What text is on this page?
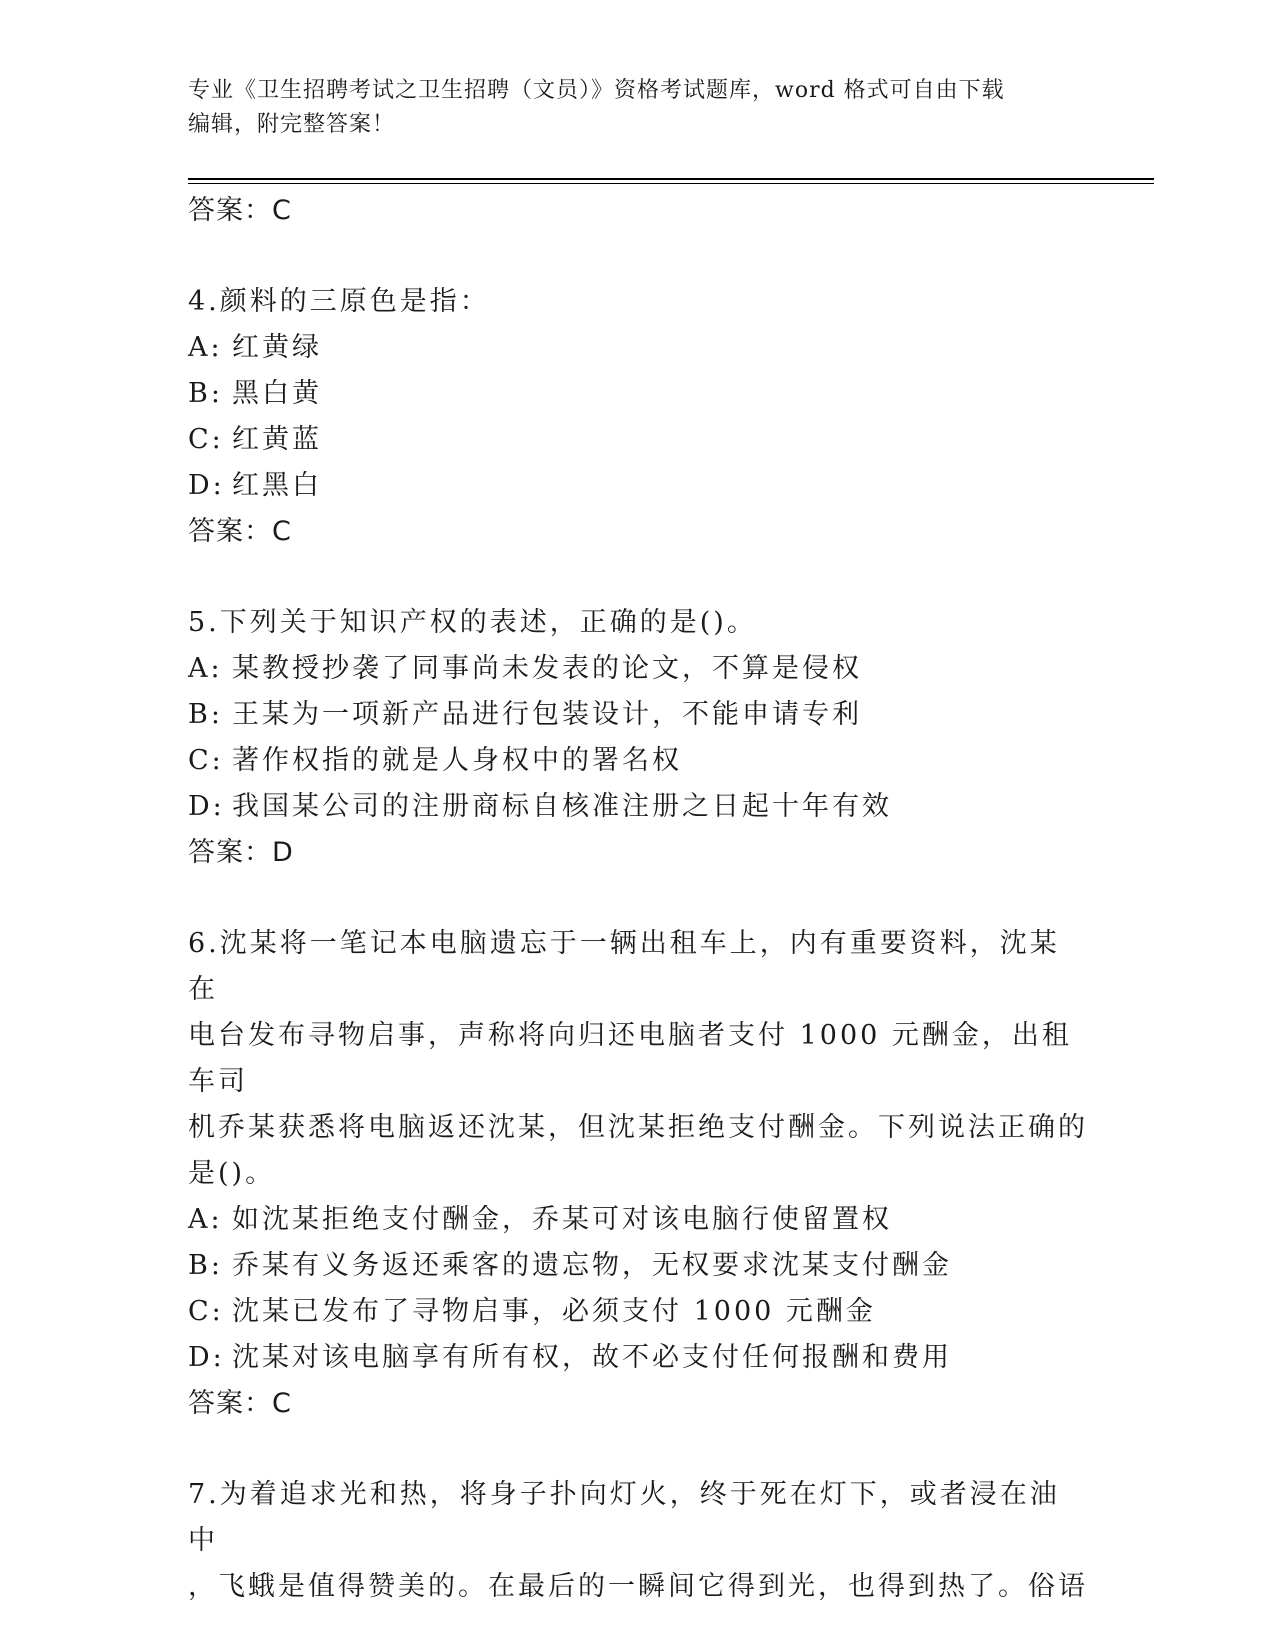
专业《卫生招聘考试之卫生招聘（文员）》资格考试题库，word 格式可自由下载
编辑，附完整答案！
答案：C

4.颜料的三原色是指：

A: 红黄绿
B: 黑白黄
C: 红黄蓝
D: 红黑白
答案：C

5.下列关于知识产权的表述，正确的是()。

A: 某教授抄袭了同事尚未发表的论文，不算是侵权
B: 王某为一项新产品进行包装设计，不能申请专利
C: 著作权指的就是人身权中的署名权
D: 我国某公司的注册商标自核准注册之日起十年有效
答案：D
6.沈某将一笔记本电脑遗忘于一辆出租车上，内有重要资料，沈某在
电台发布寻物启事，声称将向归还电脑者支付 1000 元酬金，出租车司
机乔某获悉将电脑返还沈某，但沈某拒绝支付酬金。下列说法正确的
是()。
A: 如沈某拒绝支付酬金，乔某可对该电脑行使留置权
B: 乔某有义务返还乘客的遗忘物，无权要求沈某支付酬金
C: 沈某已发布了寻物启事，必须支付 1000 元酬金
D: 沈某对该电脑享有所有权，故不必支付任何报酬和费用
答案：C
7.为着追求光和热，将身子扑向灯火，终于死在灯下，或者浸在油中
，飞蛾是值得赞美的。在最后的一瞬间它得到光，也得到热了。俗语
